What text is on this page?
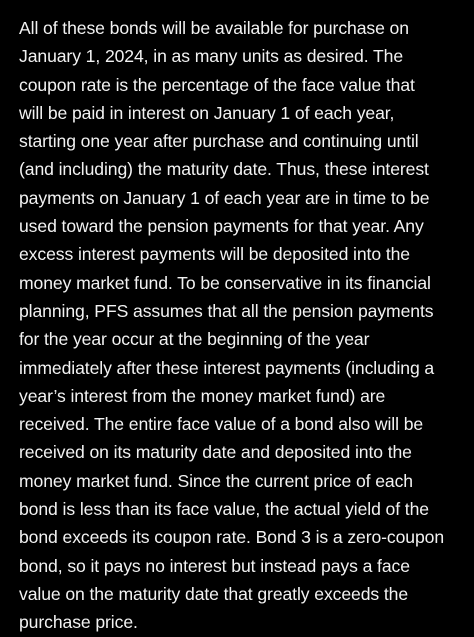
All of these bonds will be available for purchase on
January 1, 2024, in as many units as desired. The
coupon rate is the percentage of the face value that
will be paid in interest on January 1 of each year,
starting one year after purchase and continuing until
(and including) the maturity date. Thus, these interest
payments on January 1 of each year are in time to be
used toward the pension payments for that year. Any
excess interest payments will be deposited into the
money market fund. To be conservative in its financial
planning, PFS assumes that all the pension payments
for the year occur at the beginning of the year
immediately after these interest payments (including a
year’s interest from the money market fund) are
received. The entire face value of a bond also will be
received on its maturity date and deposited into the
money market fund. Since the current price of each
bond is less than its face value, the actual yield of the
bond exceeds its coupon rate. Bond 3 is a zero-coupon
bond, so it pays no interest but instead pays a face
value on the maturity date that greatly exceeds the
purchase price.
